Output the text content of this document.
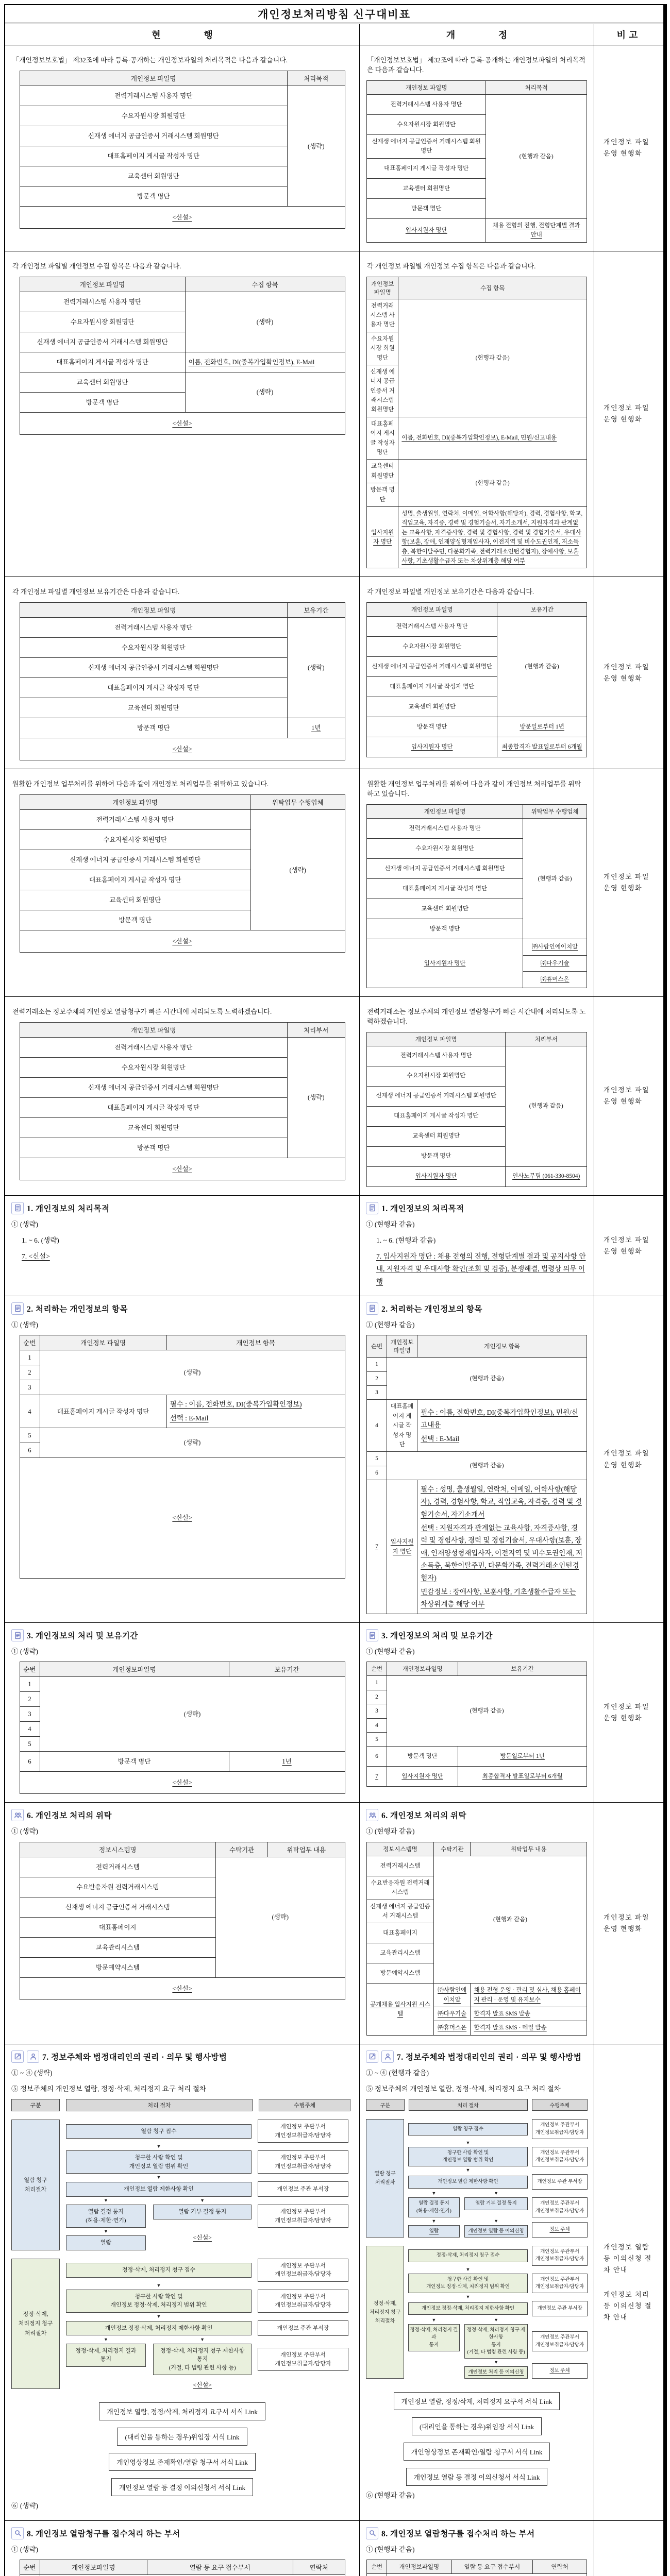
개인정보처리방침 신구대비표
현 행	개 정	비고

「개인정보보호법」 제32조에 따라 등록·공개하는 개인정보파일의 처리목적은 다음과 같습니다.

개인정보 파일명	처리목적
전력거래시스템 사용자 명단	(생략)
수요자원시장 회원명단	
신재생 에너지 공급인증서 거래시스템 회원명단	
대표홈페이지 게시글 작성자 명단	
교육센터 회원명단	
방문객 명단	
<신설>	

「개인정보보호법」 제32조에 따라 등록·공개하는 개인정보파일의 처리목적은 다음과 같습니다.

개인정보 파일명	처리목적
전력거래시스템 사용자 명단	(현행과 같음)
수요자원시장 회원명단	
신재생 에너지 공급인증서 거래시스템 회원명단	
대표홈페이지 게시글 작성자 명단	
교육센터 회원명단	
방문객 명단	
입사지원자 명단	채용 전형의 진행, 전형단계별 결과 안내

개인정보 파일 운영 현행화

각 개인정보 파일별 개인정보 수집 항목은 다음과 같습니다.

개인정보 파일명	수집 항목
전력거래시스템 사용자 명단	(생략)
수요자원시장 회원명단	
신재생 에너지 공급인증서 거래시스템 회원명단	
대표홈페이지 게시글 작성자 명단	이름, 전화번호, DI(중복가입확인정보), E-Mail
교육센터 회원명단	(생략)
방문객 명단	
<신설>	

각 개인정보 파일별 개인정보 수집 항목은 다음과 같습니다.

개인정보 파일명	수집 항목
전력거래시스템 사용자 명단	(현행과 같음)
수요자원시장 회원명단	
신재생 에너지 공급인증서 거래시스템 회원명단	
대표홈페이지 게시글 작성자 명단	이름, 전화번호, DI(중복가입확인정보), E-Mail, 민원/신고내용
교육센터 회원명단	(현행과 같음)
방문객 명단	
입사지원자 명단	성명, 출생월일, 연락처, 이메일, 어학사항(해당자), 경력, 경험사항, 학교, 직업교육, 자격증, 경력 및 경험기술서, 자기소개서, 지원자격과 관계없는 교육사항, 자격증사항, 경력 및 경험사항, 경력 및 경험기술서, 우대사항(보훈, 장애, 인재양성형재입사자, 이전지역 및 비수도권인재, 저소득층, 북한이탈주민, 다문화가족, 전력거래소인턴경험자), 장애사항, 보훈사항, 기초생활수급자 또는 차상위계층 해당 여부

개인정보 파일 운영 현행화

각 개인정보 파일별 개인정보 보유기간은 다음과 같습니다.

개인정보 파일명	보유기간
전력거래시스템 사용자 명단	(생략)
수요자원시장 회원명단	
신재생 에너지 공급인증서 거래시스템 회원명단	
대표홈페이지 게시글 작성자 명단	
교육센터 회원명단	
방문객 명단	1년
<신설>	

각 개인정보 파일별 개인정보 보유기간은 다음과 같습니다.

개인정보 파일명	보유기간
전력거래시스템 사용자 명단	(현행과 같음)
수요자원시장 회원명단	
신재생 에너지 공급인증서 거래시스템 회원명단	
대표홈페이지 게시글 작성자 명단	
교육센터 회원명단	
방문객 명단	방문일로부터 1년
입사지원자 명단	최종합격자 발표일로부터 6개월

개인정보 파일 운영 현행화

원활한 개인정보 업무처리를 위하여 다음과 같이 개인정보 처리업무를 위탁하고 있습니다.

개인정보 파일명	위탁업무 수행업체
전력거래시스템 사용자 명단	(생략)
수요자원시장 회원명단	
신재생 에너지 공급인증서 거래시스템 회원명단	
대표홈페이지 게시글 작성자 명단	
교육센터 회원명단	
방문객 명단	
<신설>	

원활한 개인정보 업무처리를 위하여 다음과 같이 개인정보 처리업무를 위탁하고 있습니다.

개인정보 파일명	위탁업무 수행업체
전력거래시스템 사용자 명단	(현행과 같음)
수요자원시장 회원명단	
신재생 에너지 공급인증서 거래시스템 회원명단	
대표홈페이지 게시글 작성자 명단	
교육센터 회원명단	
방문객 명단	
입사지원자 명단	㈜사람인에이치알
㈜다우기술
㈜휴머스온

개인정보 파일 운영 현행화

전력거래소는 정보주체의 개인정보 열람청구가 빠른 시간내에 처리되도록 노력하겠습니다.

개인정보 파일명	처리부서
전력거래시스템 사용자 명단	(생략)
수요자원시장 회원명단	
신재생 에너지 공급인증서 거래시스템 회원명단	
대표홈페이지 게시글 작성자 명단	
교육센터 회원명단	
방문객 명단	
<신설>	

전력거래소는 정보주체의 개인정보 열람청구가 빠른 시간내에 처리되도록 노력하겠습니다.

개인정보 파일명	처리부서
전력거래시스템 사용자 명단	(현행과 같음)
수요자원시장 회원명단	
신재생 에너지 공급인증서 거래시스템 회원명단	
대표홈페이지 게시글 작성자 명단	
교육센터 회원명단	
방문객 명단	
입사지원자 명단	인사노무팀 (061-330-8504)

개인정보 파일 운영 현행화

1. 개인정보의 처리목적

① (생략)

1. ~ 6. (생략)

7. <신설>

1. 개인정보의 처리목적

① (현행과 같음)

1. ~ 6. (현행과 같음)

7. 입사지원자 명단 : 채용 전형의 진행, 전형단계별 결과 및 공지사항 안내, 지원자격 및 우대사항 확인(조회 및 검증), 분쟁해결, 법령상 의무 이행

개인정보 파일 운영 현행화

2. 처리하는 개인정보의 항목

① (생략)

순번	개인정보 파일명	개인정보 항목
1	(생략)	
2		
3		
4	대표홈페이지 게시글 작성자 명단	필수 : 이름, 전화번호, DI(중복가입확인정보)

선택 : E-Mail

5	(생략)	
6		
<신설>		
2. 처리하는 개인정보의 항목

① (현행과 같음)

순번	개인정보 파일명	개인정보 항목
1	(현행과 같음)	
2		
3		
4	대표홈페이지 게시글 작성자 명단	필수 : 이름, 전화번호, DI(중복가입확인정보), 민원/신고내용

선택 : E-Mail

5	(현행과 같음)	
6		
7	입사지원자 명단	필수 : 성명, 출생월일, 연락처, 이메일, 어학사항(해당자), 경력, 경험사항, 학교, 직업교육, 자격증, 경력 및 경험기술서, 자기소개서

선택 : 지원자격과 관계없는 교육사항, 자격증사항, 경력 및 경험사항, 경력 및 경험기술서, 우대사항(보훈, 장애, 인재양성형재입사자, 이전지역 및 비수도권인재, 저소득층, 북한이탈주민, 다문화가족, 전력거래소인턴경험자)

민감정보 : 장애사항, 보훈사항, 기초생활수급자 또는 차상위계층 해당 여부

개인정보 파일 운영 현행화

3. 개인정보의 처리 및 보유기간

① (생략)

순번	개인정보파일명	보유기간
1	(생략)	
2		
3		
4		
5		
6	방문객 명단	1년
<신설>		
3. 개인정보의 처리 및 보유기간

① (현행과 같음)

순번	개인정보파일명	보유기간
1	(현행과 같음)	
2		
3		
4		
5		
6	방문객 명단	방문일로부터 1년
7	입사지원자 명단	최종합격자 발표일로부터 6개월

개인정보 파일 운영 현행화

6. 개인정보 처리의 위탁

① (생략)

정보시스템명	수탁기관	위탁업무 내용
전력거래시스템	(생략)	
수요반응자원 전력거래시스템		
신재생 에너지 공급인증서 거래시스템		
대표홈페이지		
교육관리시스템		
방문예약시스템		
<신설>		
6. 개인정보 처리의 위탁

① (현행과 같음)

정보시스템명	수탁기관	위탁업무 내용
전력거래시스템	(현행과 같음)	
수요반응자원 전력거래시스템		
신재생 에너지 공급인증서 거래시스템		
대표홈페이지		
교육관리시스템		
방문예약시스템		
공개채용 입사지원 시스템	㈜사람인에이치알	채용 전형 운영 · 관리 및 심사, 채용 홈페이지 관리 · 운영 및 유지보수
	㈜다우기술	합격자 발표 SMS 발송
	㈜휴머스온	합격자 발표 SMS · 메일 발송

개인정보 파일 운영 현행화

7. 정보주체와 법정대리인의 권리 · 의무 및 행사방법

① ~ ④ (생략)

⑤ 정보주체의 개인정보 열람, 정정·삭제, 처리정지 요구 처리 절차

구분	처리 절차	수행주체
열람 청구
처리절차
열람 청구 접수
개인정보 주관부서
개인정보취급자/담당자
▼
청구한 사람 확인 및
개인정보 열람 범위 확인
개인정보 주관부서
개인정보취급자/담당자
▼
개인정보 열람 제한사항 확인	개인정보 주관 부서장
▼	▼
열람 결정 통지
(허용·제한·연기)
열람 거부 결정 통지	개인정보 주관부서
개인정보취급자/담당자
▼
열람
<신설>
정정·삭제,
처리정지 청구
처리절차
정정·삭제, 처리정지 청구 접수
개인정보 주관부서
개인정보취급자/담당자
▼
청구한 사람 확인 및
개인정보 정정·삭제, 처리정지 범위 확인
개인정보 주관부서
개인정보취급자/담당자
▼
개인정보 정정·삭제, 처리정지 제한사항 확인	개인정보 주관 부서장
▼	▼
정정·삭제, 처리정지 결과
통지
정정·삭제, 처리정지 청구 제한사항
통지
(거절, 타 법령 관련 사항 등)
개인정보 주관부서
개인정보취급자/담당자
<신설>
개인정보 열람, 정정/삭제, 처리정지 요구서 서식 Link
(대리인을 통하는 경우)위임장 서식 Link
개인영상정보 존재확인/열람 청구서 서식 Link
개인정보 열람 등 결정 이의신청서 서식 Link

⑥ (생략)

7. 정보주체와 법정대리인의 권리 · 의무 및 행사방법

① ~ ④ (현행과 같음)

⑤ 정보주체의 개인정보 열람, 정정·삭제, 처리정지 요구 처리 절차

구분	처리 절차	수행주체
열람 청구
처리절차
열람 청구 접수
개인정보 주관부서
개인정보취급자/담당자
▼
청구한 사람 확인 및
개인정보 열람 범위 확인
개인정보 주관부서
개인정보취급자/담당자
▼
개인정보 열람 제한사항 확인	개인정보 주관 부서장
▼	▼
열람 결정 통지
(허용·제한·연기)
열람 거부 결정 통지	개인정보 주관부서
개인정보취급자/담당자
▼
열람
▼
개인정보 열람 등 이의신청	정보 주체
정정·삭제,
처리정지 청구
처리절차
정정·삭제, 처리정지 청구 접수
개인정보 주관부서
개인정보취급자/담당자
▼
청구한 사람 확인 및
개인정보 정정·삭제, 처리정지 범위 확인
개인정보 주관부서
개인정보취급자/담당자
▼
개인정보 정정·삭제, 처리정지 제한사항 확인	개인정보 주관 부서장
▼	▼
정정·삭제, 처리정지 결과
통지
정정·삭제, 처리정지 청구 제한사항
통지
(거절, 타 법령 관련 사항 등)
개인정보 주관부서
개인정보취급자/담당자
▼
개인정보 처리 등 이의신청	정보 주체
개인정보 열람, 정정/삭제, 처리정지 요구서 서식 Link
(대리인을 통하는 경우)위임장 서식 Link
개인영상정보 존재확인/열람 청구서 서식 Link
개인정보 열람 등 결정 이의신청서 서식 Link

⑥ (현행과 같음)

개인정보 열람 등 이의신청 절차 안내

개인정보 처리 등 이의신청 절차 안내

8. 개인정보 열람청구를 접수처리 하는 부서

① (생략)

순번	개인정보파일명	열람 등 요구 접수부서	연락처

8. 개인정보 열람청구를 접수처리 하는 부서

① (현행과 같음)

순번	개인정보파일명	열람 등 요구 접수부서	연락처
